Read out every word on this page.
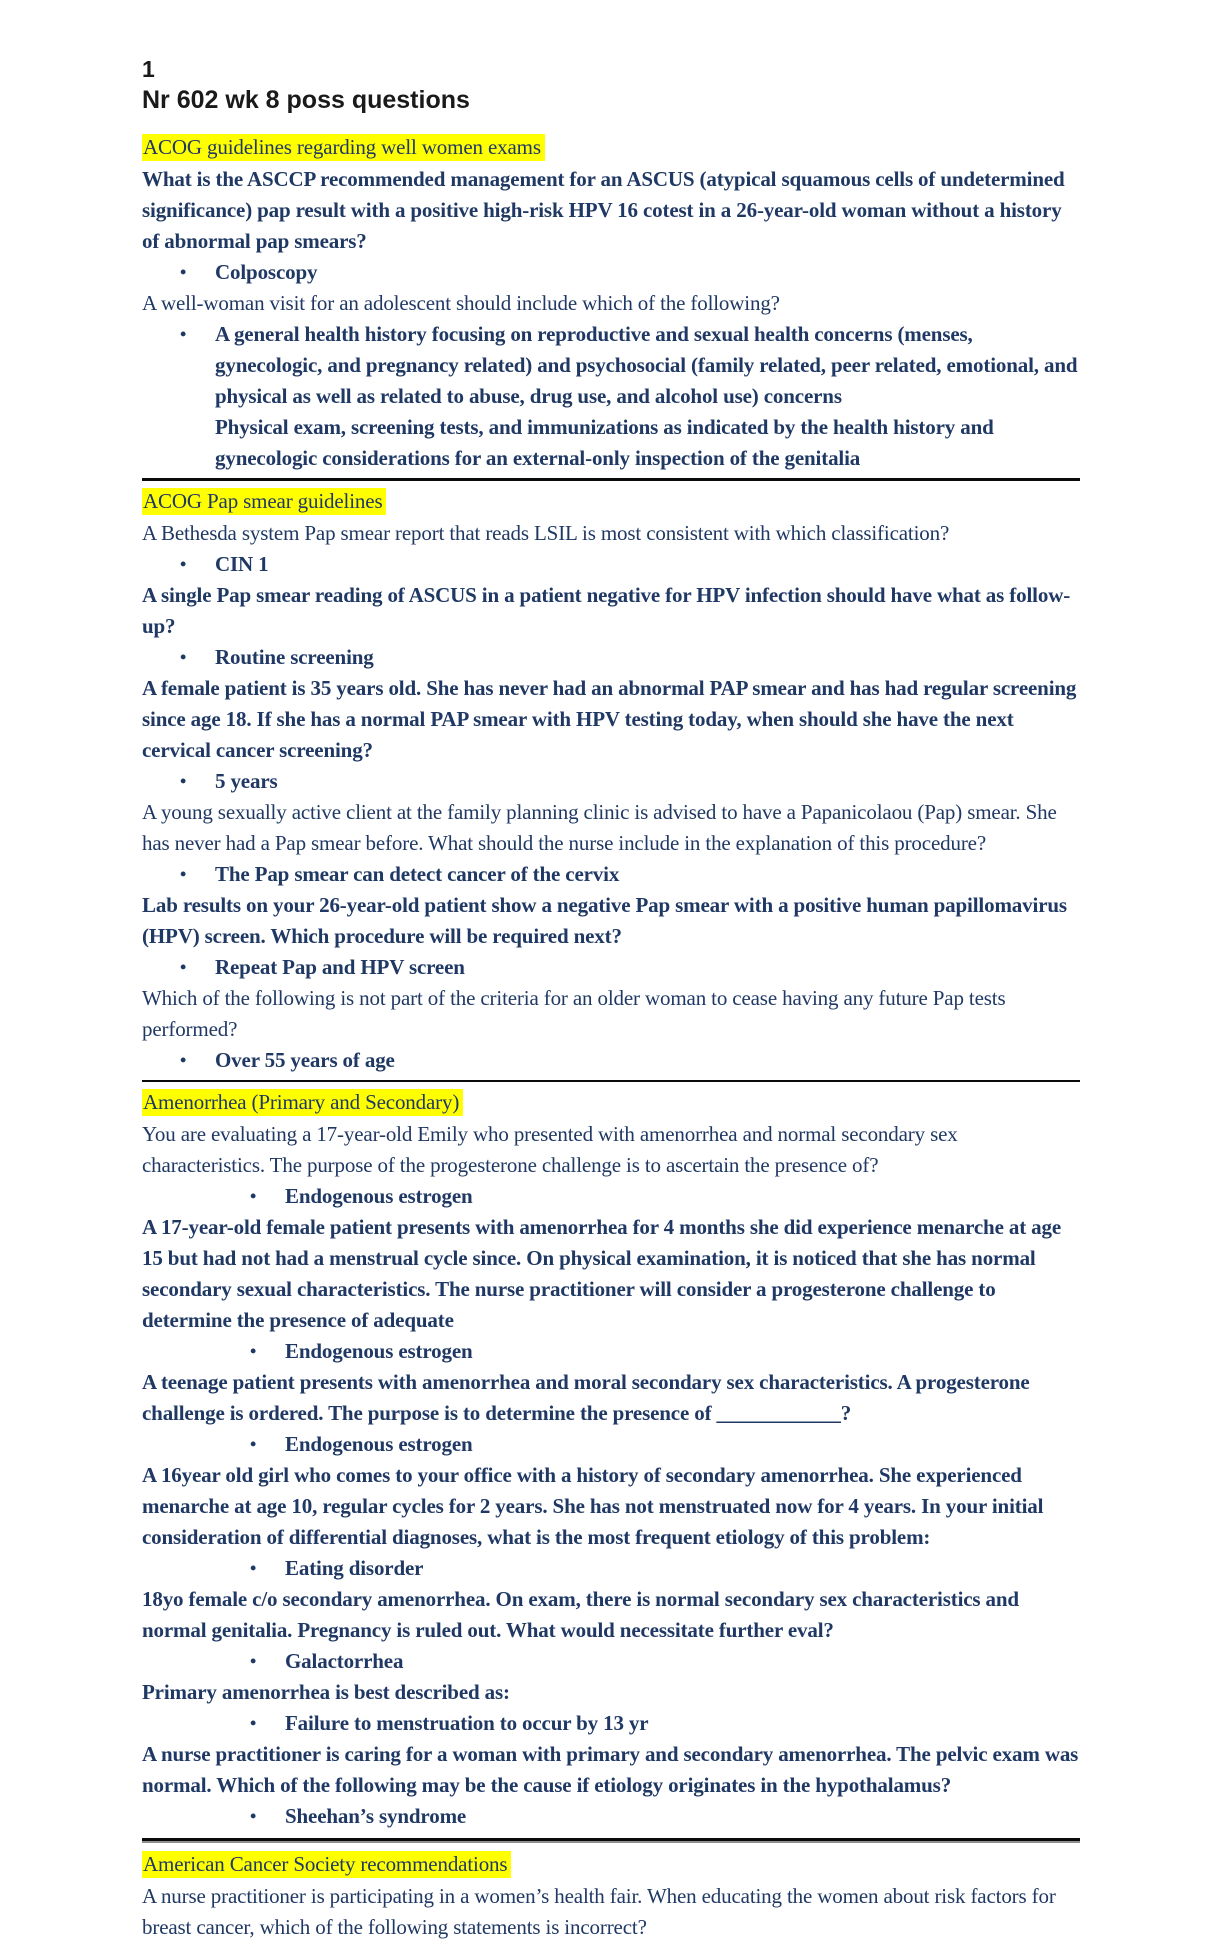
1
Nr 602 wk 8 poss questions
ACOG guidelines regarding well women exams
What is the ASCCP recommended management for an ASCUS (atypical squamous cells of undetermined significance) pap result with a positive high-risk HPV 16 cotest in a 26-year-old woman without a history of abnormal pap smears?
•	Colposcopy
A well-woman visit for an adolescent should include which of the following?
•	A general health history focusing on reproductive and sexual health concerns (menses, gynecologic, and pregnancy related) and psychosocial (family related, peer related, emotional, and physical as well as related to abuse, drug use, and alcohol use) concerns
Physical exam, screening tests, and immunizations as indicated by the health history and gynecologic considerations for an external-only inspection of the genitalia
ACOG Pap smear guidelines
A Bethesda system Pap smear report that reads LSIL is most consistent with which classification?
•	CIN 1
A single Pap smear reading of ASCUS in a patient negative for HPV infection should have what as follow-up?
•	Routine screening
A female patient is 35 years old. She has never had an abnormal PAP smear and has had regular screening since age 18. If she has a normal PAP smear with HPV testing today, when should she have the next cervical cancer screening?
•	5 years
A young sexually active client at the family planning clinic is advised to have a Papanicolaou (Pap) smear. She has never had a Pap smear before. What should the nurse include in the explanation of this procedure?
•	The Pap smear can detect cancer of the cervix
Lab results on your 26-year-old patient show a negative Pap smear with a positive human papillomavirus (HPV) screen. Which procedure will be required next?
•	Repeat Pap and HPV screen
Which of the following is not part of the criteria for an older woman to cease having any future Pap tests performed?
•	Over 55 years of age
Amenorrhea (Primary and Secondary)
You are evaluating a 17-year-old Emily who presented with amenorrhea and normal secondary sex characteristics. The purpose of the progesterone challenge is to ascertain the presence of?
•	Endogenous estrogen
A 17-year-old female patient presents with amenorrhea for 4 months she did experience menarche at age 15 but had not had a menstrual cycle since. On physical examination, it is noticed that she has normal secondary sexual characteristics. The nurse practitioner will consider a progesterone challenge to determine the presence of adequate
•	Endogenous estrogen
A teenage patient presents with amenorrhea and moral secondary sex characteristics. A progesterone challenge is ordered. The purpose is to determine the presence of ____________?
•	Endogenous estrogen
A 16year old girl who comes to your office with a history of secondary amenorrhea. She experienced menarche at age 10, regular cycles for 2 years. She has not menstruated now for 4 years. In your initial consideration of differential diagnoses, what is the most frequent etiology of this problem:
•	Eating disorder
18yo female c/o secondary amenorrhea. On exam, there is normal secondary sex characteristics and normal genitalia. Pregnancy is ruled out. What would necessitate further eval?
•	Galactorrhea
Primary amenorrhea is best described as:
•	Failure to menstruation to occur by 13 yr
A nurse practitioner is caring for a woman with primary and secondary amenorrhea. The pelvic exam was normal. Which of the following may be the cause if etiology originates in the hypothalamus?
•	Sheehan’s syndrome
American Cancer Society recommendations
A nurse practitioner is participating in a women’s health fair. When educating the women about risk factors for breast cancer, which of the following statements is incorrect?
